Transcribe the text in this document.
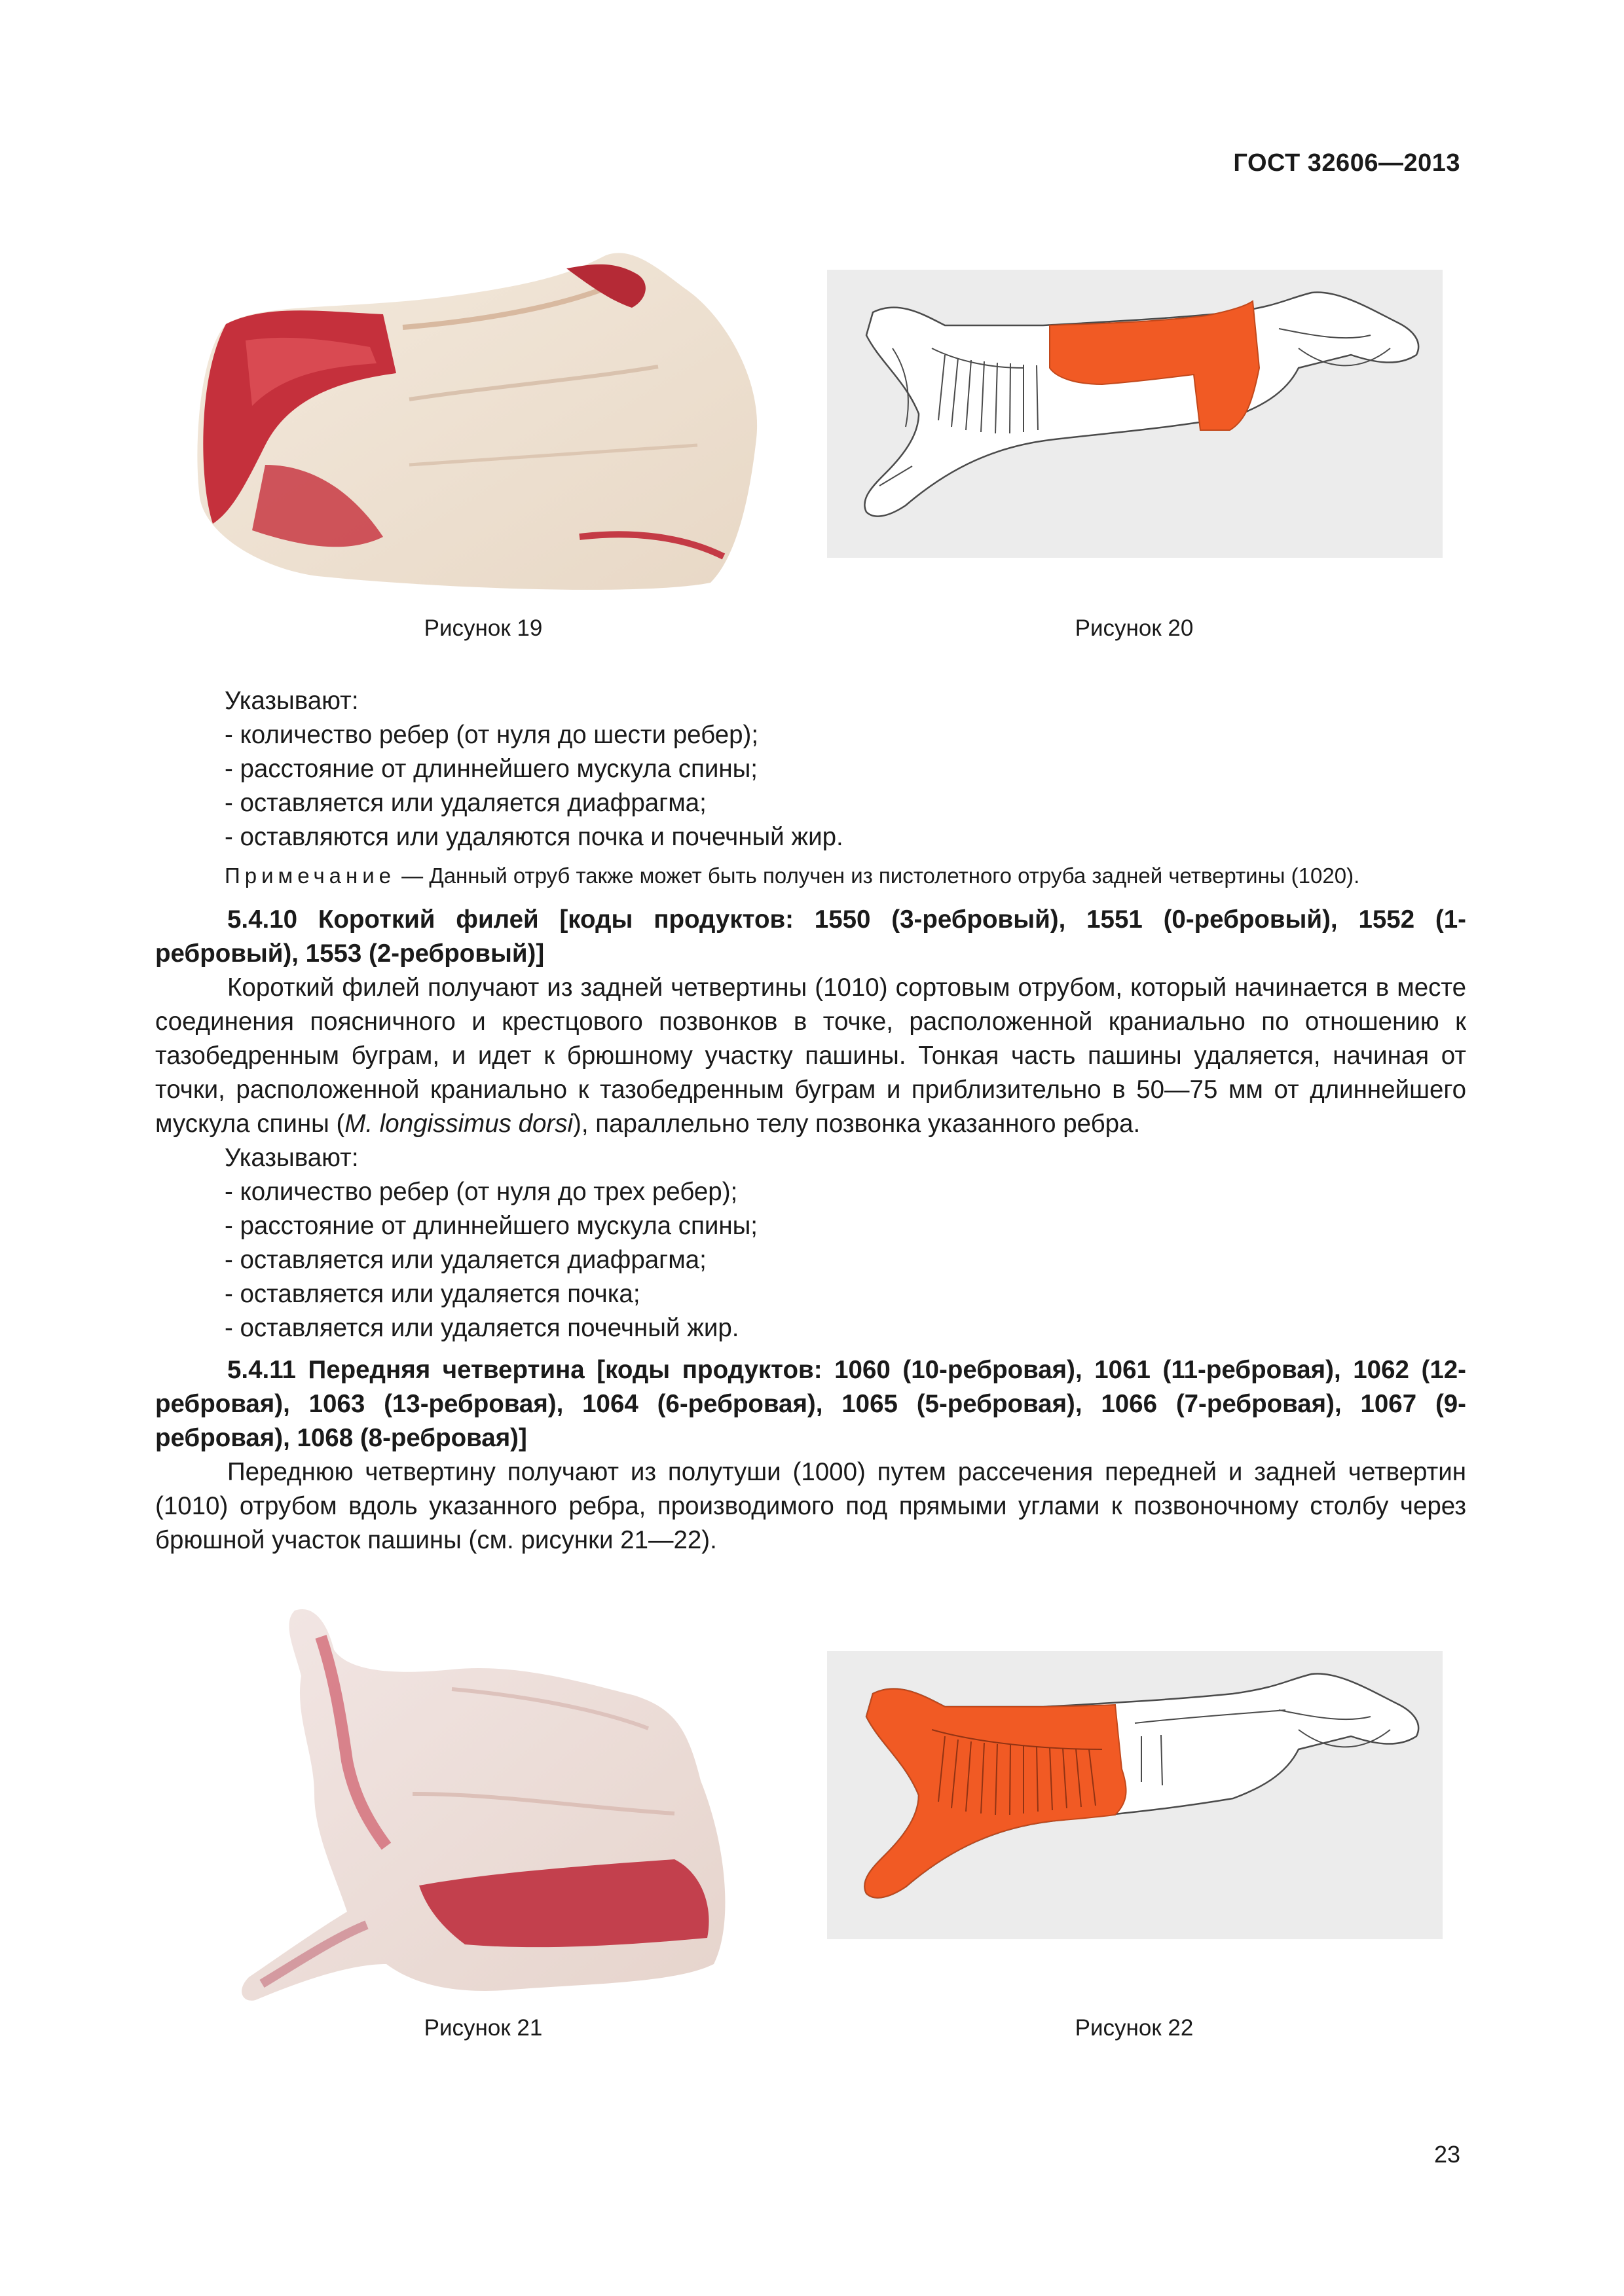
ГОСТ 32606—2013
Рисунок 19	Рисунок 20

Указывают:

- количество ребер (от нуля до шести ребер);

- расстояние от длиннейшего мускула спины;

- оставляется или удаляется диафрагма;

- оставляются или удаляются почка и почечный жир.

Примечание — Данный отруб также может быть получен из пистолетного отруба задней четвертины (1020).

5.4.10 Короткий филей [коды продуктов: 1550 (3-ребровый), 1551 (0-ребровый), 1552 (1-ребровый), 1553 (2-ребровый)]

Короткий филей получают из задней четвертины (1010) сортовым отрубом, который начинается в месте соединения поясничного и крестцового позвонков в точке, расположенной краниально по отношению к тазобедренным буграм, и идет к брюшному участку пашины. Тонкая часть пашины удаляется, начиная от точки, расположенной краниально к тазобедренным буграм и приблизительно в 50—75 мм от длиннейшего мускула спины (M. longissimus dorsi), параллельно телу позвонка указанного ребра.

Указывают:

- количество ребер (от нуля до трех ребер);

- расстояние от длиннейшего мускула спины;

- оставляется или удаляется диафрагма;

- оставляется или удаляется почка;

- оставляется или удаляется почечный жир.

5.4.11 Передняя четвертина [коды продуктов: 1060 (10-ребровая), 1061 (11-ребровая), 1062 (12-ребровая), 1063 (13-ребровая), 1064 (6-ребровая), 1065 (5-ребровая), 1066 (7-ребровая), 1067 (9-ребровая), 1068 (8-ребровая)]

Переднюю четвертину получают из полутуши (1000) путем рассечения передней и задней четвертин (1010) отрубом вдоль указанного ребра, производимого под прямыми углами к позвоночному столбу через брюшной участок пашины (см. рисунки 21—22).

Рисунок 21	Рисунок 22
23
